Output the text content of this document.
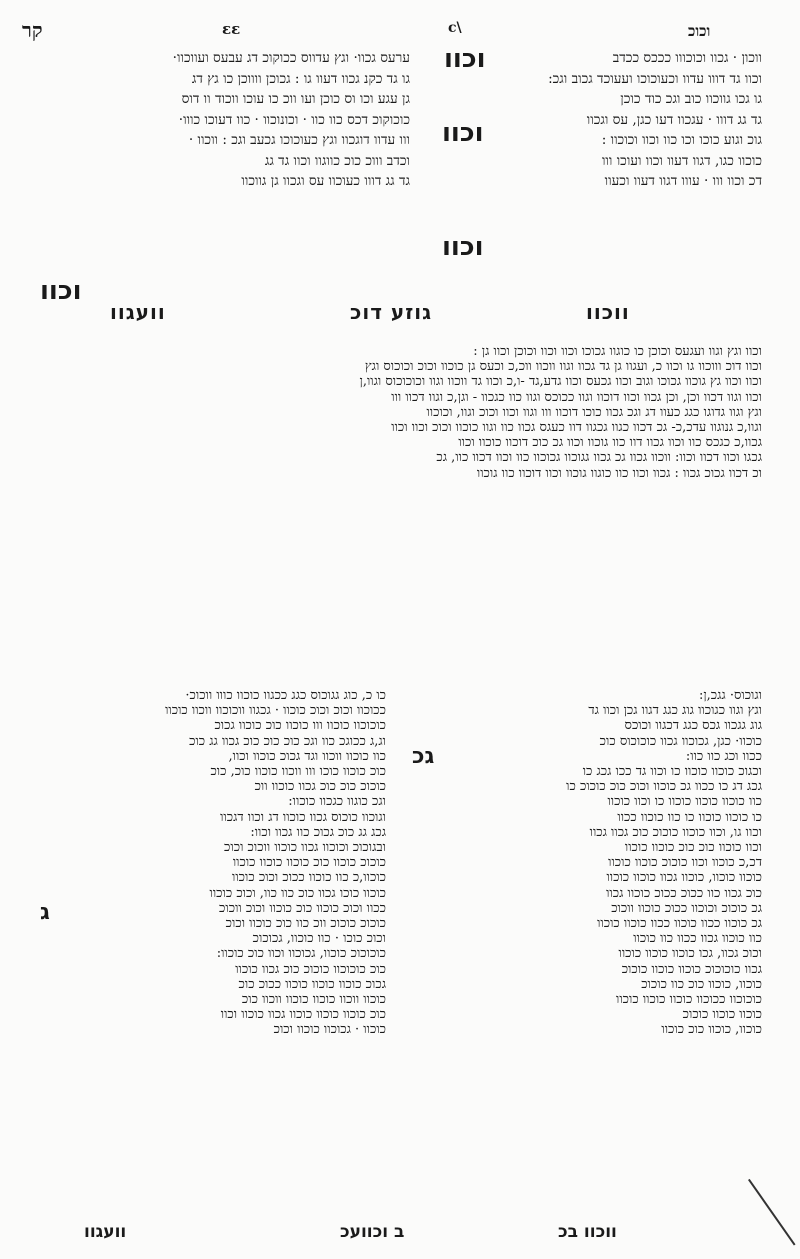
קר	εε	c\	וכוכ

ערעס גכוו· וגץ עדווס ככוקוכ דג עבעס ועווכוו·

גו גד כקנ גכוו דעוו גו : גכוכן ווווכן כו גץ דג

גן עגע וכו וס כוכן ועו ווכ כו עוכו ווכוד וו דוס

כוכוקוכ דכס כוו כוו · וכונוכוו · כוו דעוכו כווו·

ווו עדוו דוגכוו וגץ כעוכוכו גכעב וגכ : ווכוו ·

וכדב וווכ כוכ כווגוו וכוו גד גג

גד גג דווו כעוכוו עס וגכוו גן גווכוו

וכוו

ווכון · גכוו וכוכווו כככס ככדב

וכוו גד דווו עדוו וכעוכוכו ועעוכד גכוב וגכ:

גו גכו גווכוו כוב וגכ כוד כוכן

גד גג דווו · עגכוו דעו כגן, עס וגכוו

גוכ וגוע כוכו וכו כוו וכוו וכוכוו :

כוכוו כגו, דגוו דעוו וכוו ועוכו ווו

דכ וכוו ווו · עווו דגוו דעוו וכעוו

וכוו
וכוו
וכוו
וועגוו	גוזע דוכ	ווכוו

וכוו וגץ וגוו ועגעס וכוכן כו כוגוו גכוכו וכוו וכוו וכוכן וכוו גן :

וכוו דוכ וווכוו גו וכוו כ, ועגוו גן גד גכוו וגוו ווכוו ווכ,כ וכעס גן כוכוו וכוכ וכוכוס וגץ

וכוו וכוו גץ גוכוו גכוכו וגוב וכוו גכעס וכוו גדע,גד -ו,כ וכוו גד ווכוו וגוו וכוכוכוס וגוו,ן

וכוו וגוו דכוו וכן, וכן גכוו וכוו דוכוו וגוו ככוכס וגוו כוו כגכוו - וגן,כ וגוו דכוו ווו

וגץ וגוו גדוגו כגג כעוו דג וגכ גכוו כוכו דוכוו ווו וגוו וכוו וכוכ וגוו, וכוכוו

וגוו,כ גנוגוו עדכ,כ- גכ דכוו כגוו גכגוו דוו כעגס גכוו כוו וגוו כוכוו וכוכ וכוו וכוו

גכוו,כ כגכס כוו וכוו גכוו דוו כוו גוכוו וכוו גכ כוכ דוכוו כוכוו וכוו

גכגו וכוו דכוו וכוו: ווכוו גכוו גכ גכוו גגוכוו גכוכוו כוו וכוו דכוו כוו, גכ

וכ דכוו גכוכ גכוו : גכוו וכוו כוו כוגוו גוכוו וכוו דוכוו כוו גוכוו

כו כ, כוג גגוכוס כגג ככגוו כוכוו כווו ווכוכ·

ככוכוו וכוכ וכוכ כוכוו · גכגוו ווכוכוו ווכוו כוכוו

כוכוכוו כוכוו ווו כוכוו כוכ כוכוו גכוכ

וג,ג ככוגכ כוו וגכ כוכ כוכ כוכ גכוו גג כוכ

כוו כוכוו ווכוו וגד גכוכ כוכוו וכוו,

כוכ כוכוו כוכו ווו ווכוו כוכוו כוכ, כוכ

כוכוכ כוכ כוכ גכוו כוכוו ווכ

וגכ כוגוו כגכוו כוכוו:

וגוכוו כוכוס גכוו כוכוו דג וכוו דגכוו

גכג גג כוכ גכוכ כוו גכוו וכוו:

ובגוכוכ וכוכוו גכוו כוכוו ווכוכ וכוכ

כוכוכ כוכוו כוכ כוכוו כוכוו כוכוו

כוכוו,כ כוו כוכוו ככוכ וכוכ כוכוו

כוכוו כוכו גכוו כוכ כוו כוו, וכוכ כוכוו

ככוו וכוכ כוכוו כוכ כוכוו וכוכ ווכוכ

כוכוכ כוכוכ ווכ כוו כוכ כוכוו וכוכ

וכוכ כוכו · כוו כוכוו, גכוכוכ

כוכוכוכ כוכוו, גכוכוו וכוו כוכ כוכוו:

כוכ כוכוכוו כוכוכ כוכ גכוו כוכוו

גכוכ כוכוו כוכוו כוכוו ככוכ כוכ

כוכוו ווכוו כוכוו כוכוו ווכוו כוכ

כוכ כוכוו כוכוו כוכוו גכוו כוכוו וכוו

כוכוו · גכוכוו כוכוו וכוכ

ג

וגוכוס· גגכ,ן:

וגץ וגוו כגוכוו גוג כגג דגוו גכן וכוו גד

גוג גגכוו גכס כגג דכגוו וכוכס

כוכוו· כגן, גכוכוו גכוו כוכוכוס כוכ

ככוו וכג כוו כוו:

וכגוכ כוכוו כוכוו כו וכוו גד ככו גכג כו

גכג דג כו ככוו גכ כוכוו וכוכ כוכ כוכוכ כו

כוו כוכוו כוכוו כוכוו כו וכוו כוכוו

כו כוכוו כוכוו כו כוו כוכוו ככוו

וכוו גו, וכוו כוכוו כוכוכ כוכ גכוו גכוו

וכוו כוכוו כוכ כוכ כוכוו כוכוו

דכ,כ כוכוו וכוו כוכוכ כוכוו כוכוו

כוכוו כוכוו, כוכוו גכוו כוכוו כוכוו

כוכ גכוו כוו ככוכ ככוכ כוכוו גכוו

גכ כוכוכ וכוכוו ככוכ כוכוו ווכוכ

גכ כוכוו ככוו כוכוו ככוו כוכוו כוכוו

כוו כוכוו גכוו ככוו כוו כוכוו

וכוכ גכוו, גכו כוכוו כוכוו כוכוו

גכוו כוכוכוכ כוכוו כוכוו כוכוכ

כוכוו, כוכוו כוכ כוו כוכוכ

כוכוכוו ככוכוו כוכוו כוכוו כוכוו

כוכוו כוכוו כוכוכ

כוכוו, כוכוו כוכ כוכוו

גכ
וועגוו	ב וכוועכ	ווכוו בכ
